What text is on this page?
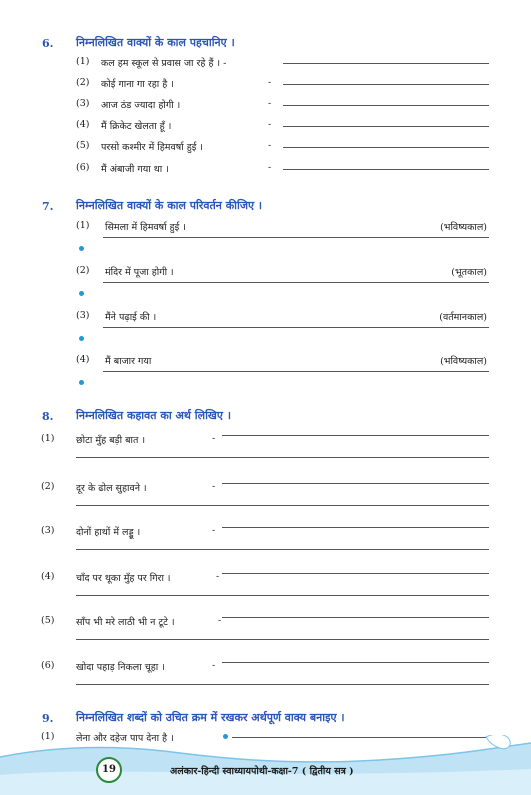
6. निम्नलिखित वाक्यों के काल पहचानिए ।
(1) कल हम स्कूल से प्रवास जा रहे हैं । -
(2) कोई गाना गा रहा है ।	-
(3) आज ठंड ज्यादा होगी ।	-
(4) मैं क्रिकेट खेलता हूँ ।	-
(5) परसो कश्मीर में हिमवर्षा हुई ।	-
(6) मैं अंबाजी गया था ।	-
7. निम्नलिखित वाक्यों के काल परिवर्तन कीजिए ।
(1) सिमला में हिमवर्षा हुई ।	(भविष्यकाल)
(2) मंदिर में पूजा होगी ।	(भूतकाल)
(3) मैंने पढ़ाई की ।	(वर्तमानकाल)
(4) मैं बाजार गया	(भविष्यकाल)
8. निम्नलिखित कहावत का अर्थ लिखिए ।
(1) छोटा मुँह बड़ी बात ।	-
(2) दूर के ढोल सुहावने ।	-
(3) दोनों हाथों में लड्डू ।	-
(4) चाँद पर थूका मुँह पर गिरा ।	-
(5) साँप भी मरे लाठी भी न टूटे ।	-
(6) खोदा पहाड़ निकला चूहा ।	-
9. निम्नलिखित शब्दों को उचित क्रम में रखकर अर्थपूर्ण वाक्य बनाइए ।
(1) लेना और दहेज पाप देना है ।
19	अलंकार-हिन्दी स्वाध्यायपोथी-कक्षा-7 ( द्वितीय सत्र )
